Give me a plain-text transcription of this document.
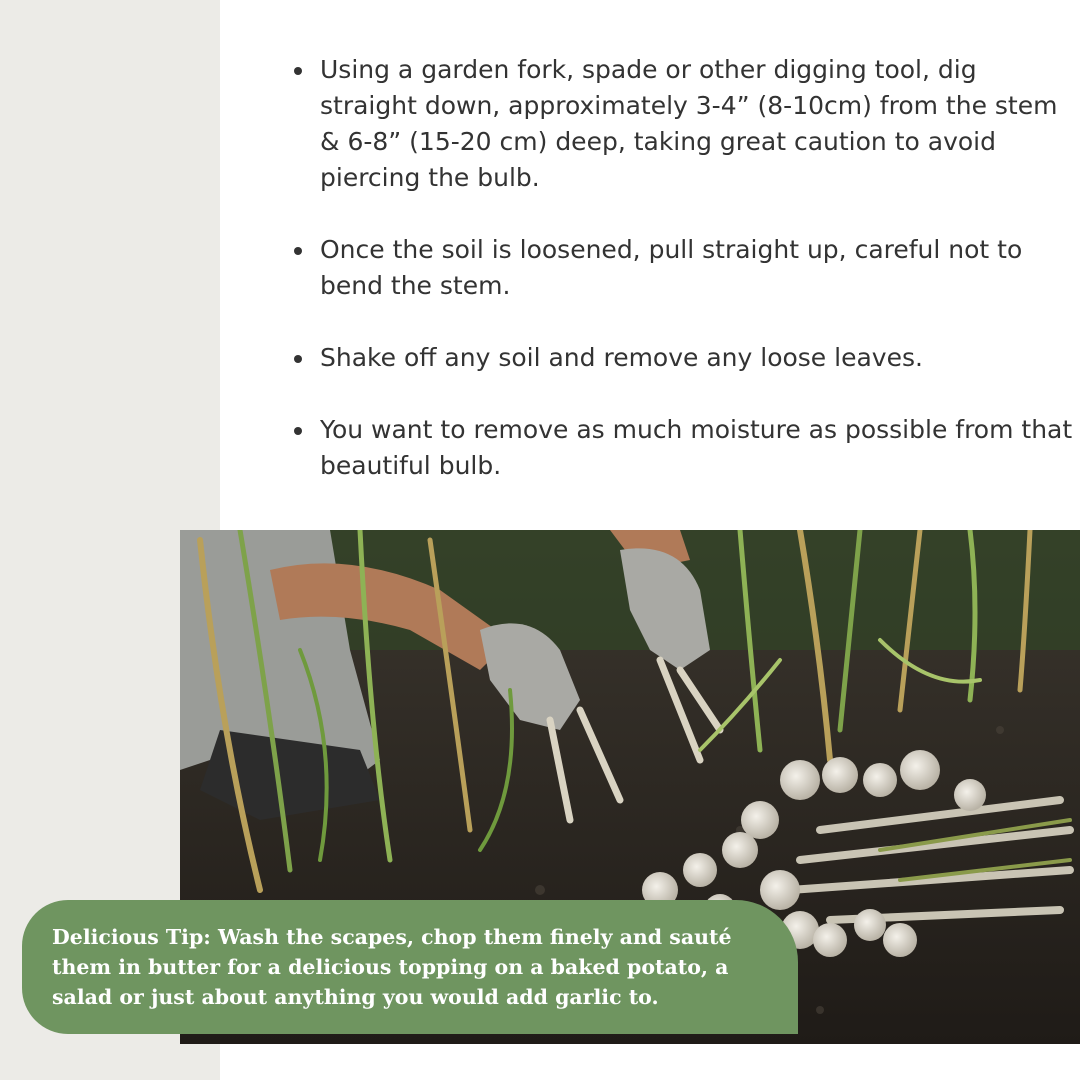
Using a garden fork, spade or other digging tool, dig straight down, approximately 3-4” (8-10cm) from the stem & 6-8” (15-20 cm) deep, taking great caution to avoid piercing the bulb.
Once the soil is loosened, pull straight up, careful not to bend the stem.
Shake off any soil and remove any loose leaves.
You want to remove as much moisture as possible from that beautiful bulb.
Delicious Tip: Wash the scapes, chop them finely and sauté them in butter for a delicious topping on a baked potato, a salad or just about anything you would add garlic to.
